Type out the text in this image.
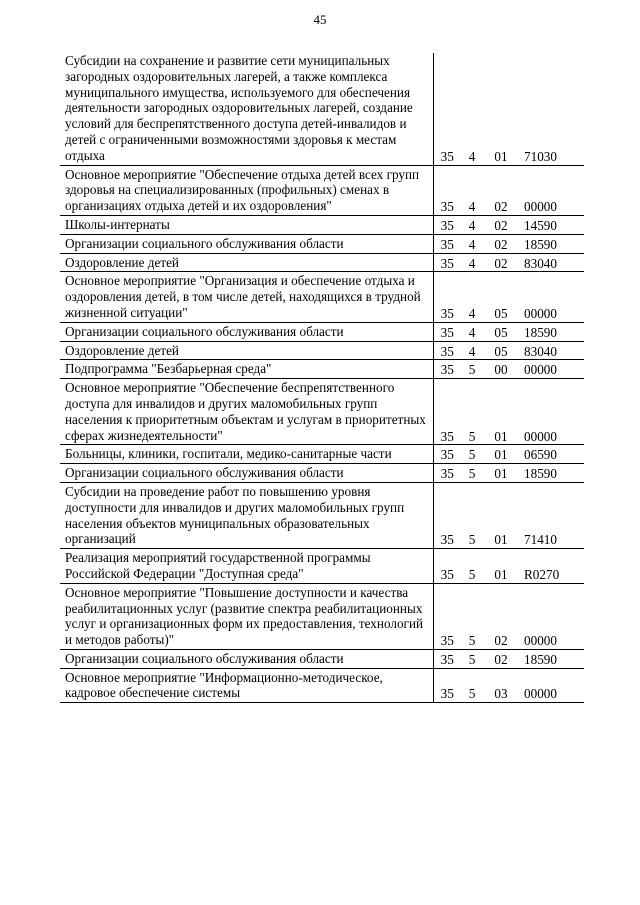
45
Субсидии на сохранение и развитие сети муниципальных загородных оздоровительных лагерей, а также комплекса муниципального имущества, используемого для обеспечения деятельности загородных оздоровительных лагерей, создание условий для беспрепятственного доступа детей-инвалидов и детей с ограниченными возможностями здоровья к местам отдыха	35	4	01	71030
Основное мероприятие "Обеспечение отдыха детей всех групп здоровья на специализированных (профильных) сменах в организациях отдыха детей и их оздоровления"	35	4	02	00000
Школы-интернаты	35	4	02	14590
Организации социального обслуживания области	35	4	02	18590
Оздоровление детей	35	4	02	83040
Основное мероприятие "Организация и обеспечение отдыха и оздоровления детей, в том числе детей, находящихся в трудной жизненной ситуации"	35	4	05	00000
Организации социального обслуживания области	35	4	05	18590
Оздоровление детей	35	4	05	83040
Подпрограмма "Безбарьерная среда"	35	5	00	00000
Основное мероприятие "Обеспечение беспрепятственного доступа для инвалидов и других маломобильных групп населения к приоритетным объектам и услугам в приоритетных сферах жизнедеятельности"	35	5	01	00000
Больницы, клиники, госпитали, медико-санитарные части	35	5	01	06590
Организации социального обслуживания области	35	5	01	18590
Субсидии на проведение работ по повышению уровня доступности для инвалидов и других маломобильных групп населения объектов муниципальных образовательных организаций	35	5	01	71410
Реализация мероприятий государственной программы Российской Федерации "Доступная среда"	35	5	01	R0270
Основное мероприятие "Повышение доступности и качества реабилитационных услуг (развитие спектра реабилитационных услуг и организационных форм их предоставления, технологий и методов работы)"	35	5	02	00000
Организации социального обслуживания области	35	5	02	18590
Основное мероприятие "Информационно-методическое, кадровое обеспечение системы	35	5	03	00000
